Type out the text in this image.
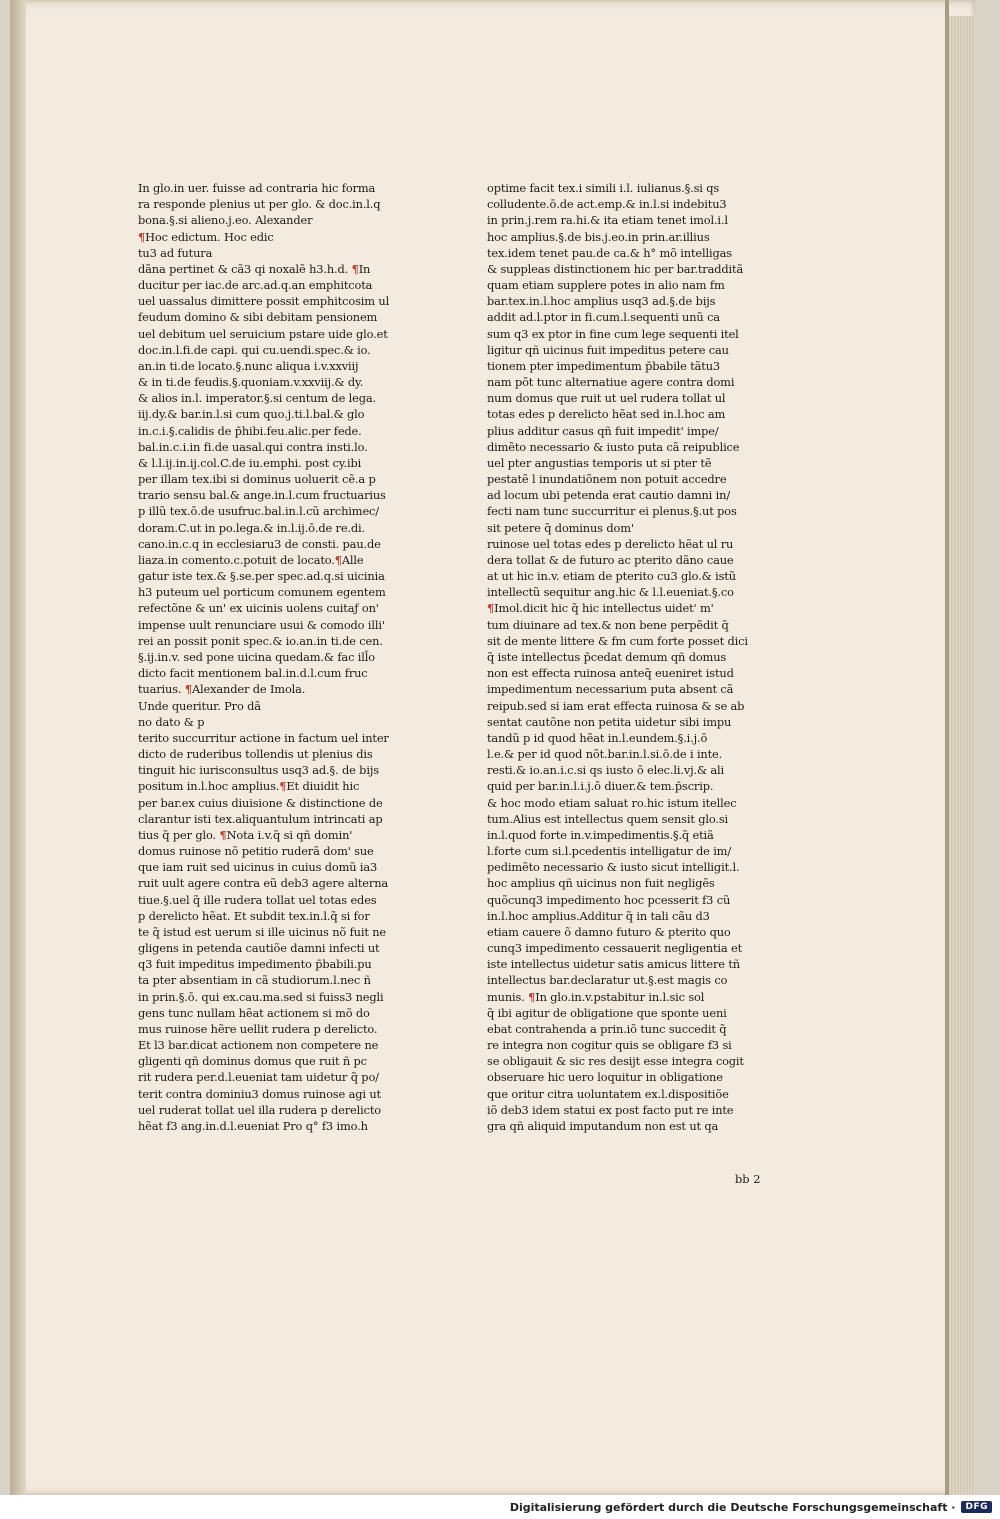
In glo.in uer. fuisse ad contraria hic forma
ra responde plenius ut per glo. & doc.in.l.q
bona.§.si alieno.j.eo. Alexander
¶Hoc edictum. Hoc edic
tu3 ad futura
dãna pertinet & cã3 qi noxalẽ h3.h.d. ¶In
ducitur per iac.de arc.ad.q.an emphitcota
uel uassalus dimittere possit emphitcosim ul
feudum domino & sibi debitam pensionem
uel debitum uel seruicium pstare uide glo.et
doc.in.l.fi.de capi. qui cu.uendi.spec.& io.
an.in ti.de locato.§.nunc aliqua i.v.xxviij
& in ti.de feudis.§.quoniam.v.xxviij.& dy.
& alios in.l. imperator.§.si centum de lega.
iij.dy.& bar.in.l.si cum quo.j.ti.l.bal.& glo
in.c.i.§.calidis de p̄hibi.feu.alic.per fede.
bal.in.c.i.in fi.de uasal.qui contra insti.lo.
& l.l.ij.in.ij.col.C.de iu.emphi. post cy.ibi
per illam tex.ibi si dominus uoluerit cẽ.a p
trario sensu bal.& ange.in.l.cum fructuarius
p illũ tex.ō.de usufruc.bal.in.l.cũ archimec/
doram.C.ut in po.lega.& in.l.ij.ō.de re.di.
cano.in.c.q in ecclesiaru3 de consti. pau.de
liaza.in comento.c.potuit de locato.¶Alle
gatur iste tex.& §.se.per spec.ad.q.si uicinia
h3 puteum uel porticum comunem egentem
refectõne & un' ex uicinis uolens cuitaƒ on'
impense uult renunciare usui & comodo illi'
rei an possit ponit spec.& io.an.in ti.de cen.
§.ij.in.v. sed pone uicina quedam.& fac ill̃o
dicto facit mentionem bal.in.d.l.cum fruc
tuarius. ¶Alexander de Imola.
Unde queritur. Pro dã
no dato & p
terito succurritur actione in factum uel inter
dicto de ruderibus tollendis ut plenius dis
tinguit hic iurisconsultus usq3 ad.§. de bijs
positum in.l.hoc amplius.¶Et diuidit hic
per bar.ex cuius diuisione & distinctione de
clarantur isti tex.aliquantulum intrincati ap
tius q̃ per glo. ¶Nota i.v.q̃ si qñ domin'
domus ruinose nõ petitio ruderã dom' sue
que iam ruit sed uicinus in cuius domũ ia3
ruit uult agere contra eũ deb3 agere alterna
tiue.§.uel q̃ ille rudera tollat uel totas edes
p derelicto hẽat. Et subdit tex.in.l.q̃ si for
te q̃ istud est uerum si ille uicinus nõ fuit ne
gligens in petenda cautiõe damni infecti ut
q3 fuit impeditus impedimento p̄babili.pu
ta pter absentiam in cã studiorum.l.nec ñ
in prin.§.ō. qui ex.cau.ma.sed si fuiss3 negli
gens tunc nullam hẽat actionem si mõ do
mus ruinose hẽre uellit rudera p derelicto.
Et l3 bar.dicat actionem non competere ne
gligenti qñ dominus domus que ruit ñ pc
rit rudera per.d.l.eueniat tam uidetur q̃ po/
terit contra dominiu3 domus ruinose agi ut
uel ruderat tollat uel illa rudera p derelicto
hẽat f3 ang.in.d.l.eueniat Pro q° f3 imo.h
optime facit tex.i simili i.l. iulianus.§.si qs
colludente.ō.de act.emp.& in.l.si indebitu3
in prin.j.rem ra.hi.& ita etiam tenet imol.i.l
hoc amplius.§.de bis.j.eo.in prin.ar.illius
tex.idem tenet pau.de ca.& h° mõ intelligas
& suppleas distinctionem hic per bar.tradditã
quam etiam supplere potes in alio nam fm
bar.tex.in.l.hoc amplius usq3 ad.§.de bijs
addit ad.l.ptor in fi.cum.l.sequenti unũ ca
sum q3 ex ptor in fine cum lege sequenti itel
ligitur qñ uicinus fuit impeditus petere cau
tionem pter impedimentum p̄babile tãtu3
nam põt tunc alternatiue agere contra domi
num domus que ruit ut uel rudera tollat ul
totas edes p derelicto hẽat sed in.l.hoc am
plius additur casus qñ fuit impedit' impe/
dimẽto necessario & iusto puta cã reipublice
uel pter angustias temporis ut si pter tẽ
pestatẽ l inundatiõnem non potuit accedre
ad locum ubi petenda erat cautio damni in/
fecti nam tunc succurritur ei plenus.§.ut pos
sit petere q̃ dominus dom'
ruinose uel totas edes p derelicto hẽat ul ru
dera tollat & de futuro ac pterito dãno caue
at ut hic in.v. etiam de pterito cu3 glo.& istũ
intellectũ sequitur ang.hic & l.l.eueniat.§.co
¶Imol.dicit hic q̃ hic intellectus uidet' m'
tum diuinare ad tex.& non bene perpẽdit q̃
sit de mente littere & fm cum forte posset dici
q̃ iste intellectus p̄cedat demum qñ domus
non est effecta ruinosa anteq̃ eueniret istud
impedimentum necessarium puta absent cã
reipub.sed si iam erat effecta ruinosa & se ab
sentat cautõne non petita uidetur sibi impu
tandũ p id quod hẽat in.l.eundem.§.i.j.ō
l.e.& per id quod nõt.bar.in.l.si.ō.de i inte.
resti.& io.an.i.c.si qs iusto ō elec.li.vj.& ali
quid per bar.in.l.i.j.ō diuer.& tem.p̄scrip.
& hoc modo etiam saluat ro.hic istum itellec
tum.Alius est intellectus quem sensit glo.si
in.l.quod forte in.v.impedimentis.§.q̃ etiã
l.forte cum si.l.pcedentis intelligatur de im/
pedimẽto necessario & iusto sicut intelligit.l.
hoc amplius qñ uicinus non fuit negligẽs
quõcunq3 impedimento hoc pcesserit f3 cũ
in.l.hoc amplius.Additur q̃ in tali cãu d3
etiam cauere õ damno futuro & pterito quo
cunq3 impedimento cessauerit negligentia et
iste intellectus uidetur satis amicus littere tñ
intellectus bar.declaratur ut.§.est magis co
munis. ¶In glo.in.v.pstabitur in.l.sic sol
q̃ ibi agitur de obligatione que sponte ueni
ebat contrahenda a prin.iõ tunc succedit q̃
re integra non cogitur quis se obligare f3 si
se obligauit & sic res desijt esse integra cogit
obseruare hic uero loquitur in obligatione
que oritur citra uoluntatem ex.l.dispositiõe
iõ deb3 idem statui ex post facto put re inte
gra qñ aliquid imputandum non est ut qa
bb 2
Digitalisierung gefördert durch die Deutsche Forschungsgemeinschaft ·	DFG
